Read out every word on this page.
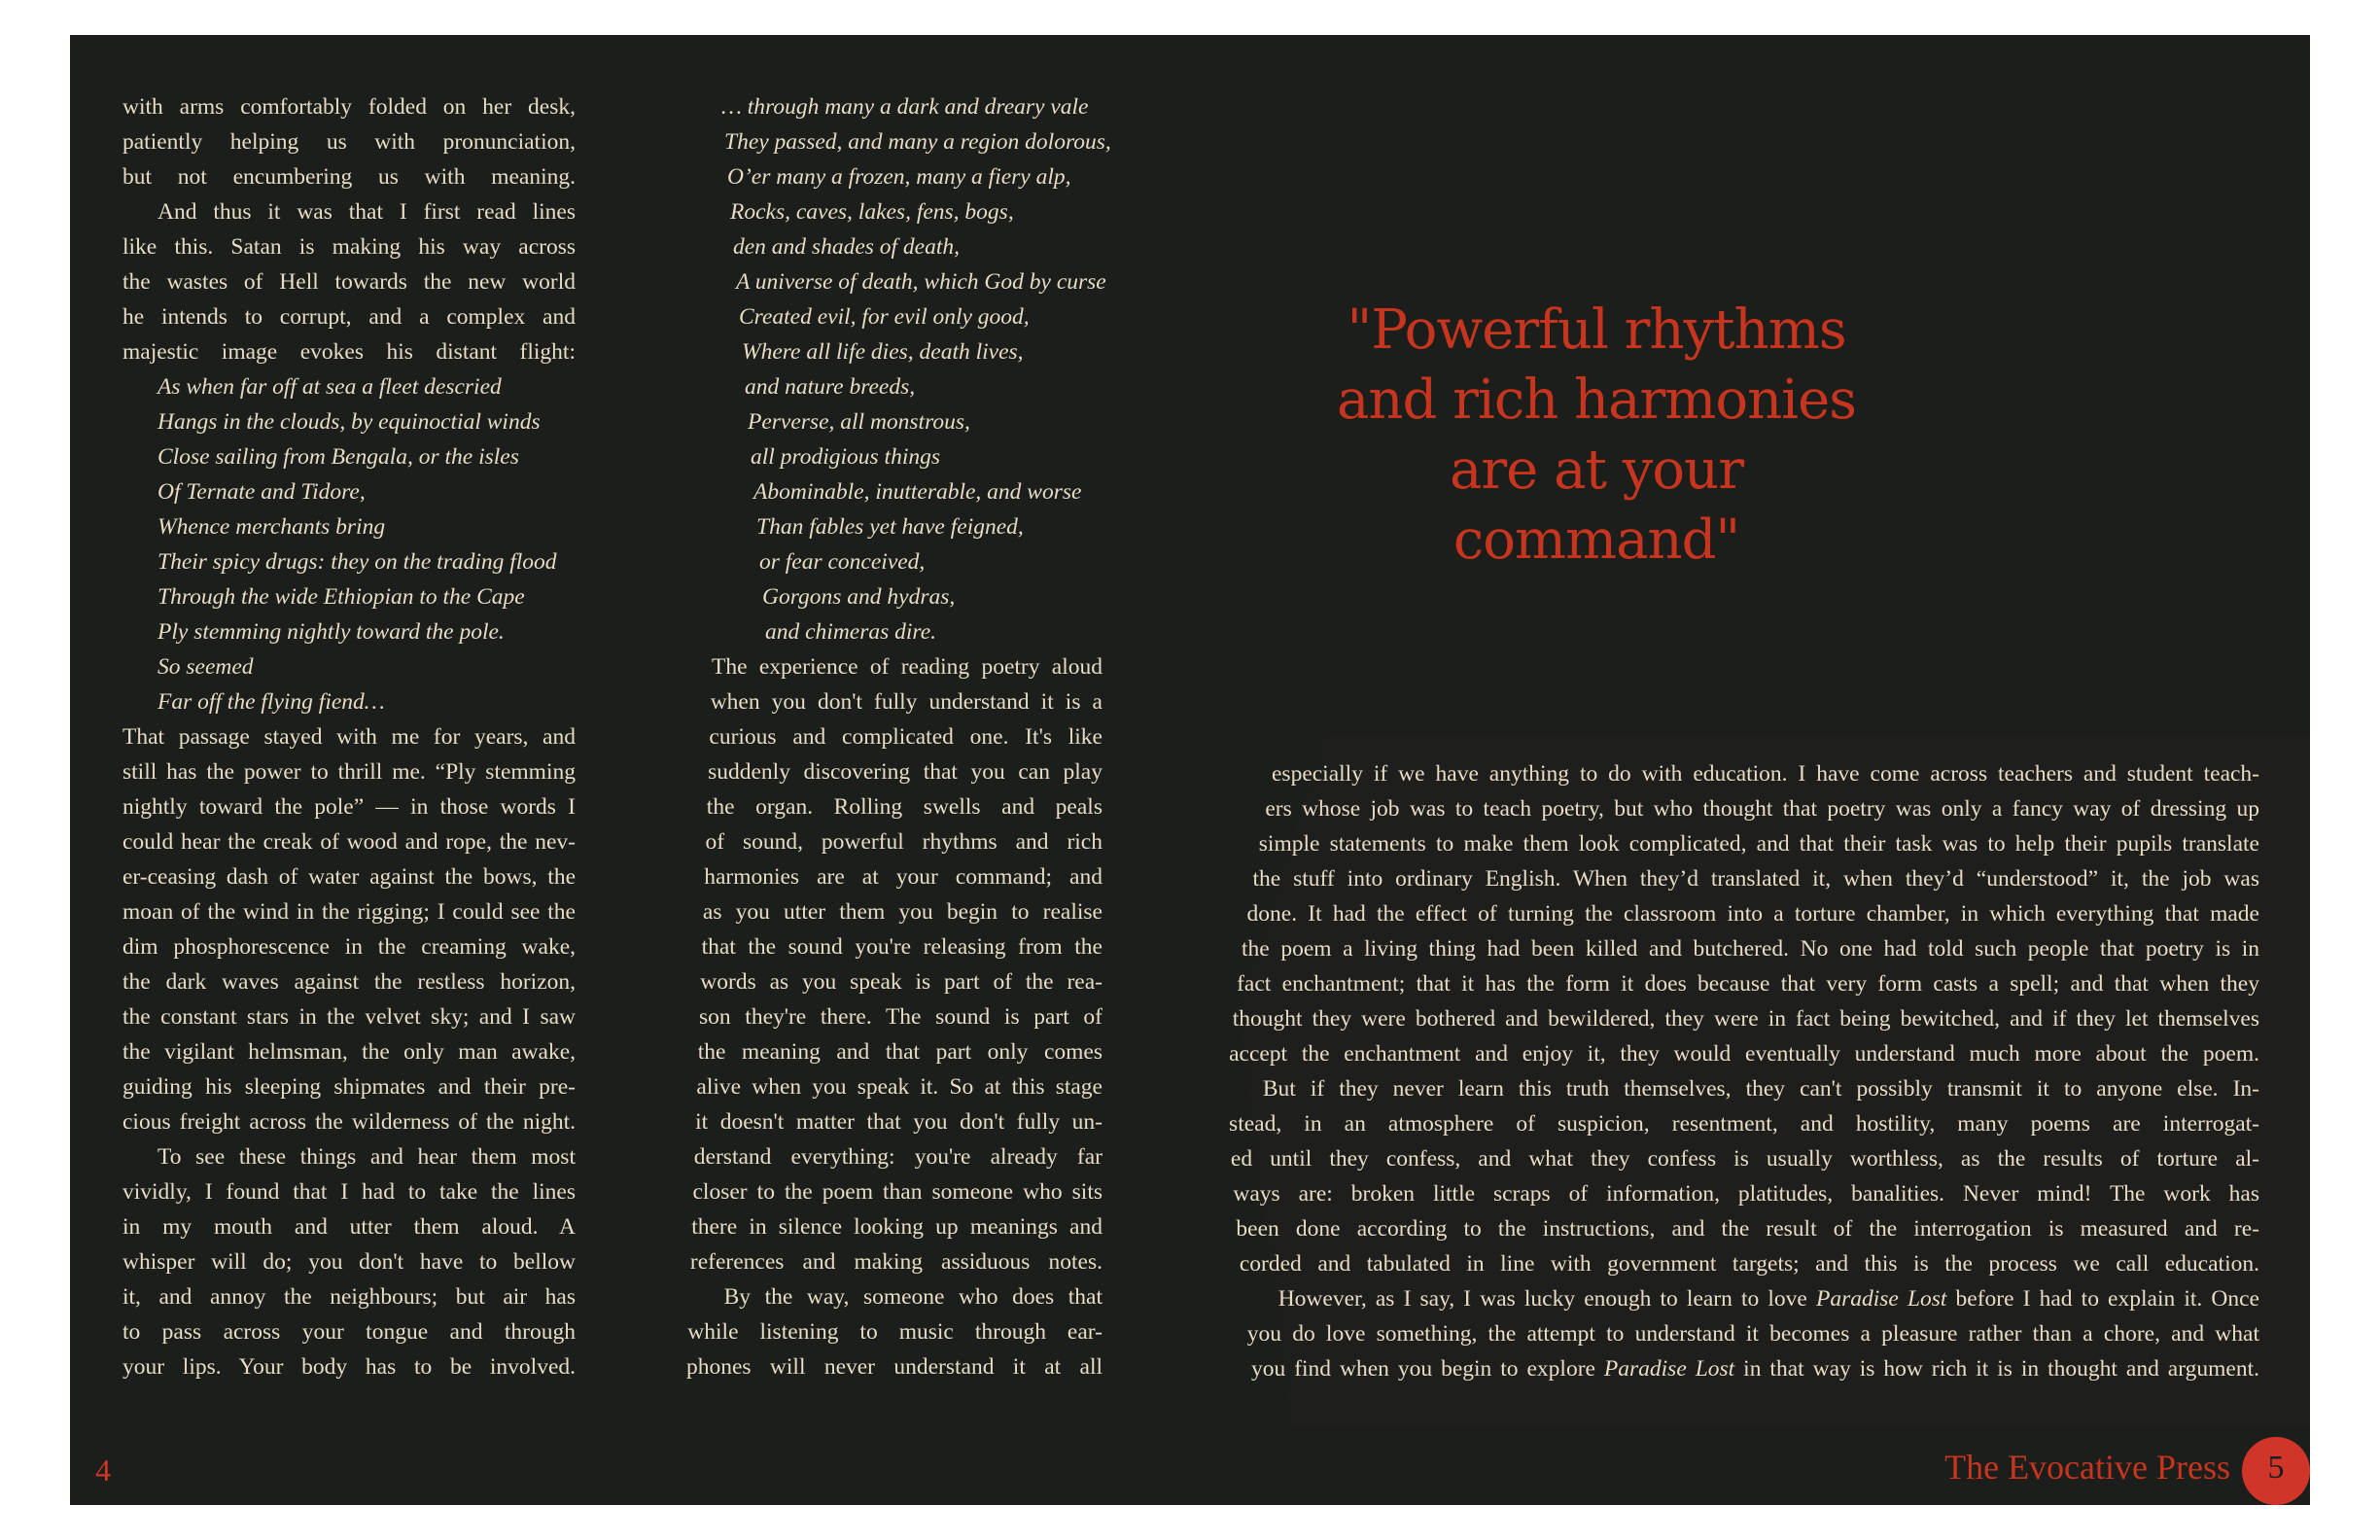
with arms comfortably folded on her desk,
patiently helping us with pronunciation,
but not encumbering us with meaning.
And thus it was that I first read lines
like this. Satan is making his way across
the wastes of Hell towards the new world
he intends to corrupt, and a complex and
majestic image evokes his distant flight:
As when far off at sea a fleet descried
Hangs in the clouds, by equinoctial winds
Close sailing from Bengala, or the isles
Of Ternate and Tidore,
Whence merchants bring
Their spicy drugs: they on the trading flood
Through the wide Ethiopian to the Cape
Ply stemming nightly toward the pole.
So seemed
Far off the flying fiend…
That passage stayed with me for years, and
still has the power to thrill me. “Ply stemming
nightly toward the pole” — in those words I
could hear the creak of wood and rope, the nev-
er-ceasing dash of water against the bows, the
moan of the wind in the rigging; I could see the
dim phosphorescence in the creaming wake,
the dark waves against the restless horizon,
the constant stars in the velvet sky; and I saw
the vigilant helmsman, the only man awake,
guiding his sleeping shipmates and their pre-
cious freight across the wilderness of the night.
To see these things and hear them most
vividly, I found that I had to take the lines
in my mouth and utter them aloud. A
whisper will do; you don't have to bellow
it, and annoy the neighbours; but air has
to pass across your tongue and through
your lips. Your body has to be involved.
… through many a dark and dreary vale
They passed, and many a region dolorous,
O’er many a frozen, many a fiery alp,
Rocks, caves, lakes, fens, bogs,
den and shades of death,
A universe of death, which God by curse
Created evil, for evil only good,
Where all life dies, death lives,
and nature breeds,
Perverse, all monstrous,
all prodigious things
Abominable, inutterable, and worse
Than fables yet have feigned,
or fear conceived,
Gorgons and hydras,
and chimeras dire.
The experience of reading poetry aloud
when you don't fully understand it is a
curious and complicated one. It's like
suddenly discovering that you can play
the organ. Rolling swells and peals
of sound, powerful rhythms and rich
harmonies are at your command; and
as you utter them you begin to realise
that the sound you're releasing from the
words as you speak is part of the rea-
son they're there. The sound is part of
the meaning and that part only comes
alive when you speak it. So at this stage
it doesn't matter that you don't fully un-
derstand everything: you're already far
closer to the poem than someone who sits
there in silence looking up meanings and
references and making assiduous notes.
By the way, someone who does that
while listening to music through ear-
phones will never understand it at all
"Powerful rhythms
and rich harmonies
are at your
command"
especially if we have anything to do with education. I have come across teachers and student teach-
ers whose job was to teach poetry, but who thought that poetry was only a fancy way of dressing up
simple statements to make them look complicated, and that their task was to help their pupils translate
the stuff into ordinary English. When they’d translated it, when they’d “understood” it, the job was
done. It had the effect of turning the classroom into a torture chamber, in which everything that made
the poem a living thing had been killed and butchered. No one had told such people that poetry is in
fact enchantment; that it has the form it does because that very form casts a spell; and that when they
thought they were bothered and bewildered, they were in fact being bewitched, and if they let themselves
accept the enchantment and enjoy it, they would eventually understand much more about the poem.
But if they never learn this truth themselves, they can't possibly transmit it to anyone else. In-
stead, in an atmosphere of suspicion, resentment, and hostility, many poems are interrogat-
ed until they confess, and what they confess is usually worthless, as the results of torture al-
ways are: broken little scraps of information, platitudes, banalities. Never mind! The work has
been done according to the instructions, and the result of the interrogation is measured and re-
corded and tabulated in line with government targets; and this is the process we call education.
However, as I say, I was lucky enough to learn to love Paradise Lost before I had to explain it. Once
you do love something, the attempt to understand it becomes a pleasure rather than a chore, and what
you find when you begin to explore Paradise Lost in that way is how rich it is in thought and argument.
4	The Evocative Press	5
